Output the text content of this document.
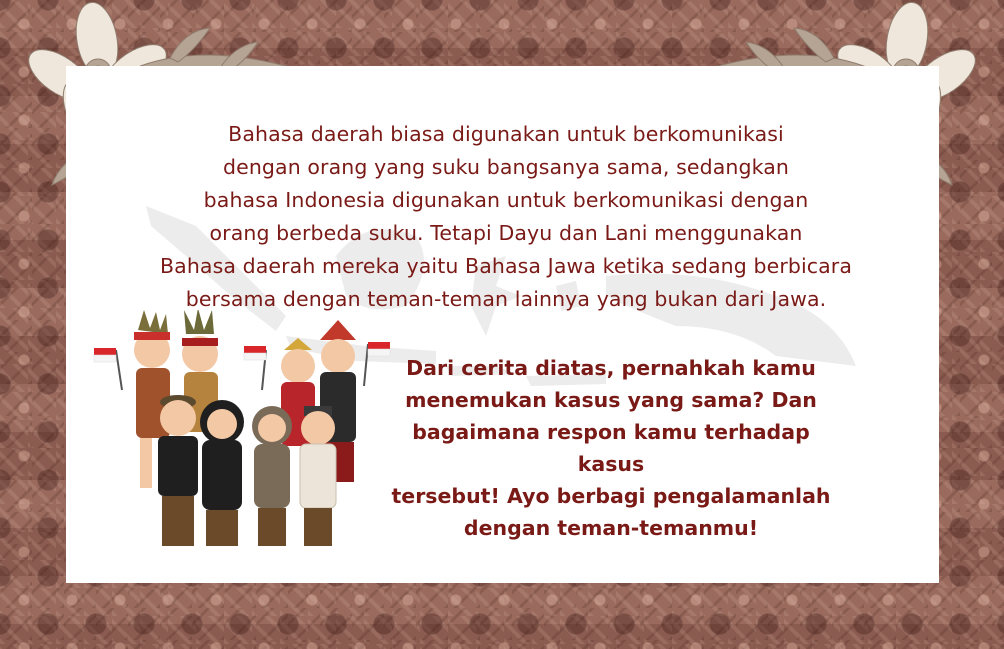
Bahasa daerah biasa digunakan untuk berkomunikasi
dengan orang yang suku bangsanya sama, sedangkan
bahasa Indonesia digunakan untuk berkomunikasi dengan
orang berbeda suku. Tetapi Dayu dan Lani menggunakan
Bahasa daerah mereka yaitu Bahasa Jawa ketika sedang berbicara
bersama dengan teman-teman lainnya yang bukan dari Jawa.

Dari cerita diatas, pernahkah kamu
menemukan kasus yang sama? Dan
bagaimana respon kamu terhadap kasus
tersebut! Ayo berbagi pengalamanlah
dengan teman-temanmu!
